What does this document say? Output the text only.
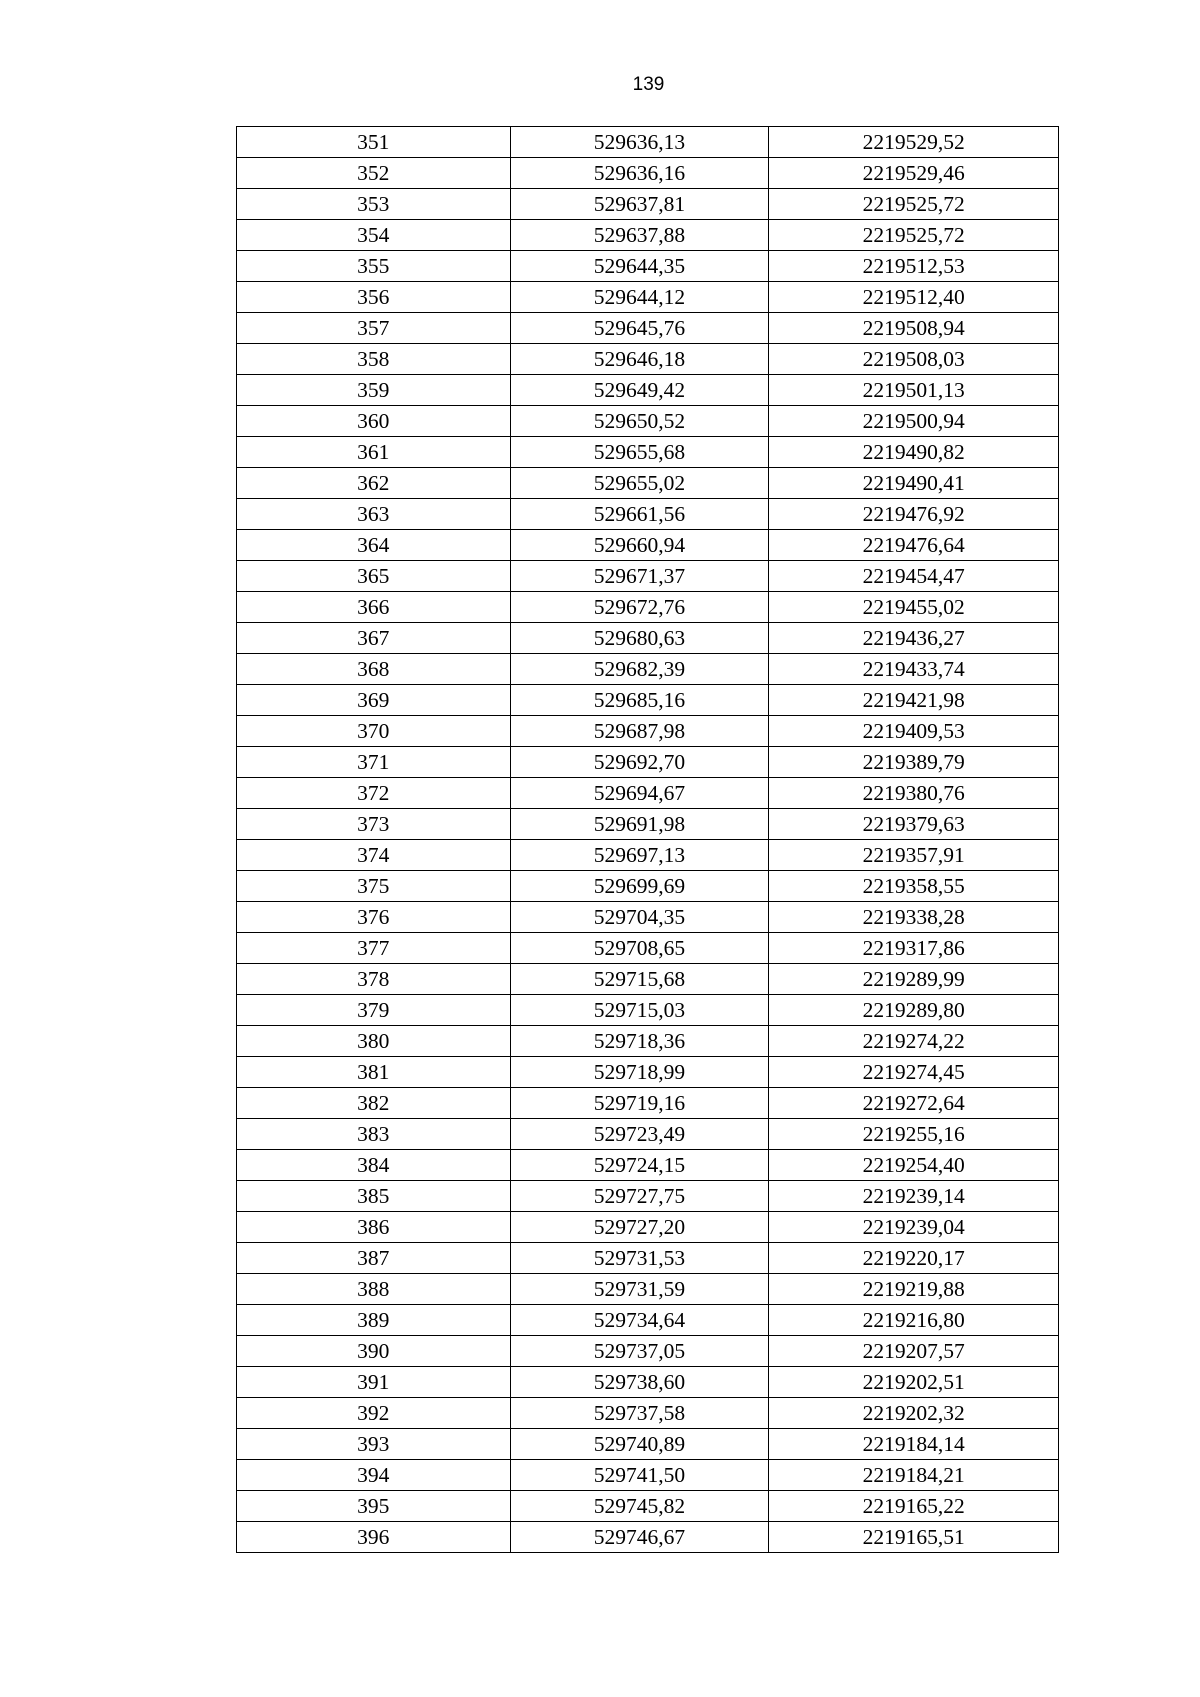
139
351	529636,13	2219529,52
352	529636,16	2219529,46
353	529637,81	2219525,72
354	529637,88	2219525,72
355	529644,35	2219512,53
356	529644,12	2219512,40
357	529645,76	2219508,94
358	529646,18	2219508,03
359	529649,42	2219501,13
360	529650,52	2219500,94
361	529655,68	2219490,82
362	529655,02	2219490,41
363	529661,56	2219476,92
364	529660,94	2219476,64
365	529671,37	2219454,47
366	529672,76	2219455,02
367	529680,63	2219436,27
368	529682,39	2219433,74
369	529685,16	2219421,98
370	529687,98	2219409,53
371	529692,70	2219389,79
372	529694,67	2219380,76
373	529691,98	2219379,63
374	529697,13	2219357,91
375	529699,69	2219358,55
376	529704,35	2219338,28
377	529708,65	2219317,86
378	529715,68	2219289,99
379	529715,03	2219289,80
380	529718,36	2219274,22
381	529718,99	2219274,45
382	529719,16	2219272,64
383	529723,49	2219255,16
384	529724,15	2219254,40
385	529727,75	2219239,14
386	529727,20	2219239,04
387	529731,53	2219220,17
388	529731,59	2219219,88
389	529734,64	2219216,80
390	529737,05	2219207,57
391	529738,60	2219202,51
392	529737,58	2219202,32
393	529740,89	2219184,14
394	529741,50	2219184,21
395	529745,82	2219165,22
396	529746,67	2219165,51
